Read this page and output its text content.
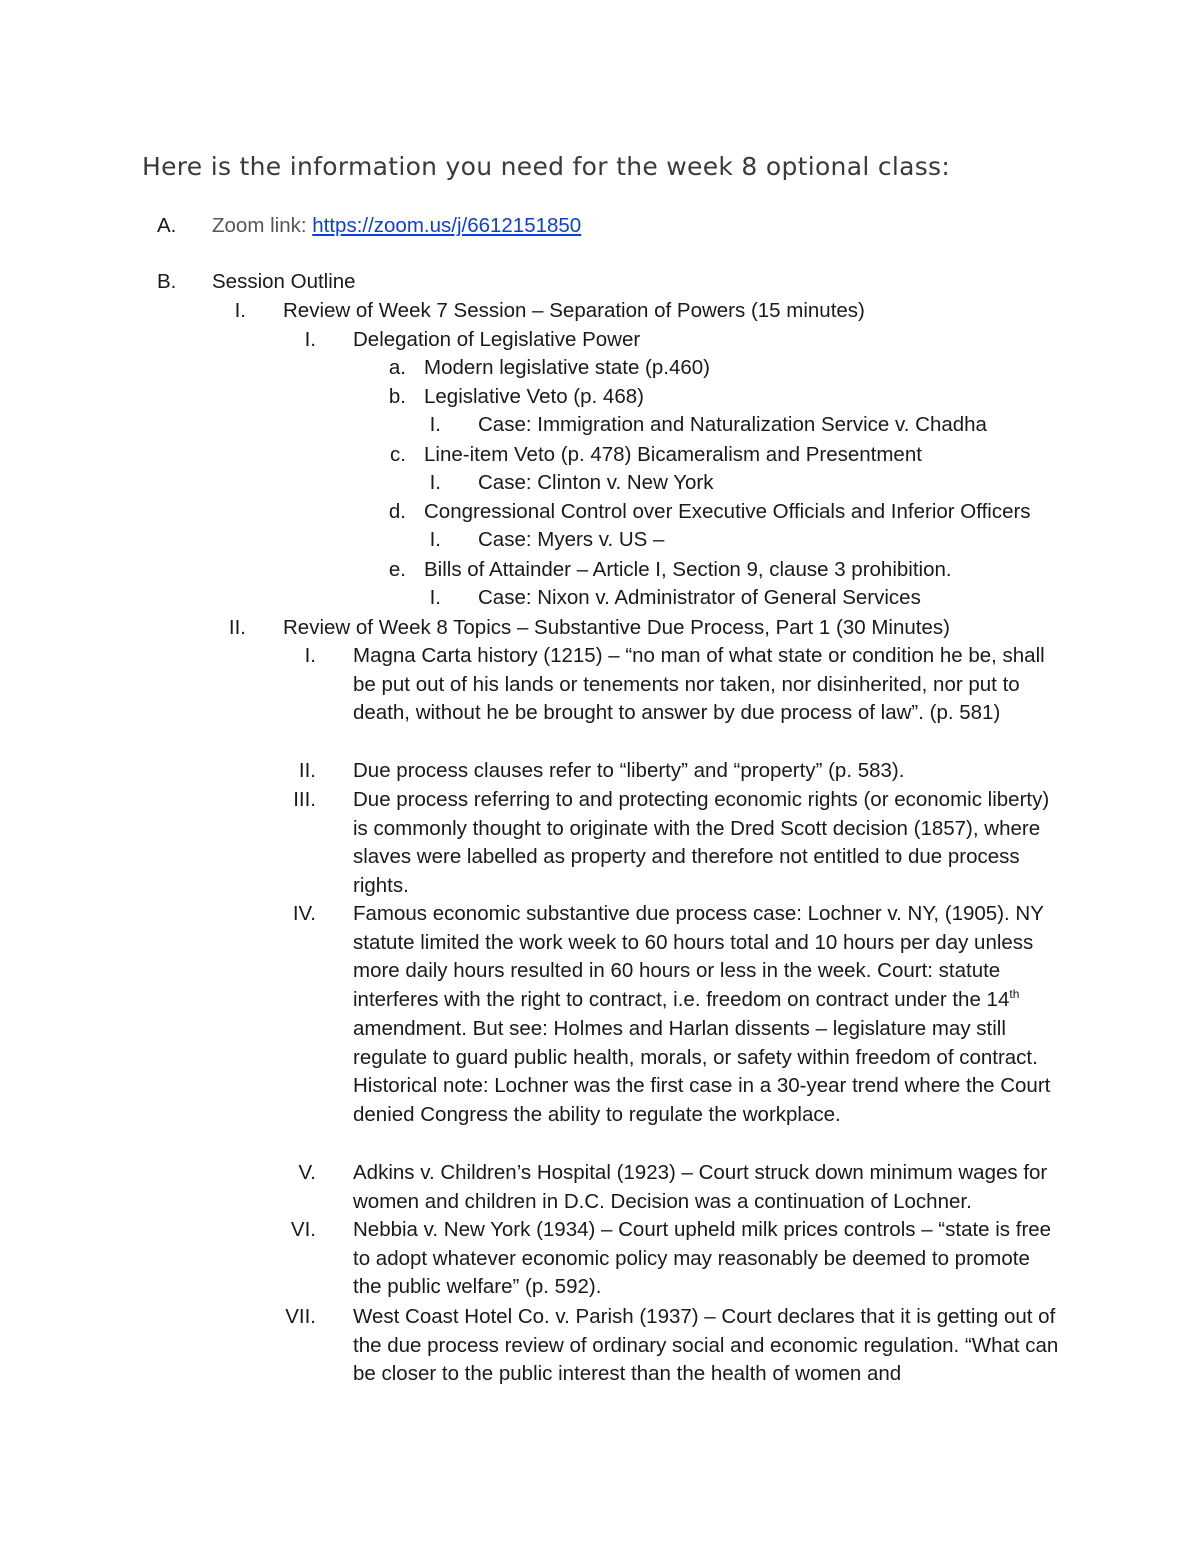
Here is the information you need for the week 8 optional class:
A. Zoom link: https://zoom.us/j/6612151850
B. Session Outline
I. Review of Week 7 Session – Separation of Powers (15 minutes)
I. Delegation of Legislative Power
a. Modern legislative state (p.460)
b. Legislative Veto (p. 468)
I. Case: Immigration and Naturalization Service v. Chadha
c. Line-item Veto (p. 478) Bicameralism and Presentment
I. Case: Clinton v. New York
d. Congressional Control over Executive Officials and Inferior Officers
I. Case: Myers v. US –
e. Bills of Attainder – Article I, Section 9, clause 3 prohibition.
I. Case: Nixon v. Administrator of General Services
II. Review of Week 8 Topics – Substantive Due Process, Part 1 (30 Minutes)
I. Magna Carta history (1215) – “no man of what state or condition he be, shall be put out of his lands or tenements nor taken, nor disinherited, nor put to death, without he be brought to answer by due process of law”. (p. 581)
II. Due process clauses refer to “liberty” and “property” (p. 583).
III. Due process referring to and protecting economic rights (or economic liberty) is commonly thought to originate with the Dred Scott decision (1857), where slaves were labelled as property and therefore not entitled to due process rights.
IV. Famous economic substantive due process case: Lochner v. NY, (1905). NY statute limited the work week to 60 hours total and 10 hours per day unless more daily hours resulted in 60 hours or less in the week. Court: statute interferes with the right to contract, i.e. freedom on contract under the 14th amendment. But see: Holmes and Harlan dissents – legislature may still regulate to guard public health, morals, or safety within freedom of contract. Historical note: Lochner was the first case in a 30-year trend where the Court denied Congress the ability to regulate the workplace.
V. Adkins v. Children’s Hospital (1923) – Court struck down minimum wages for women and children in D.C. Decision was a continuation of Lochner.
VI. Nebbia v. New York (1934) – Court upheld milk prices controls – “state is free to adopt whatever economic policy may reasonably be deemed to promote the public welfare” (p. 592).
VII. West Coast Hotel Co. v. Parish (1937) – Court declares that it is getting out of the due process review of ordinary social and economic regulation. “What can be closer to the public interest than the health of women and
